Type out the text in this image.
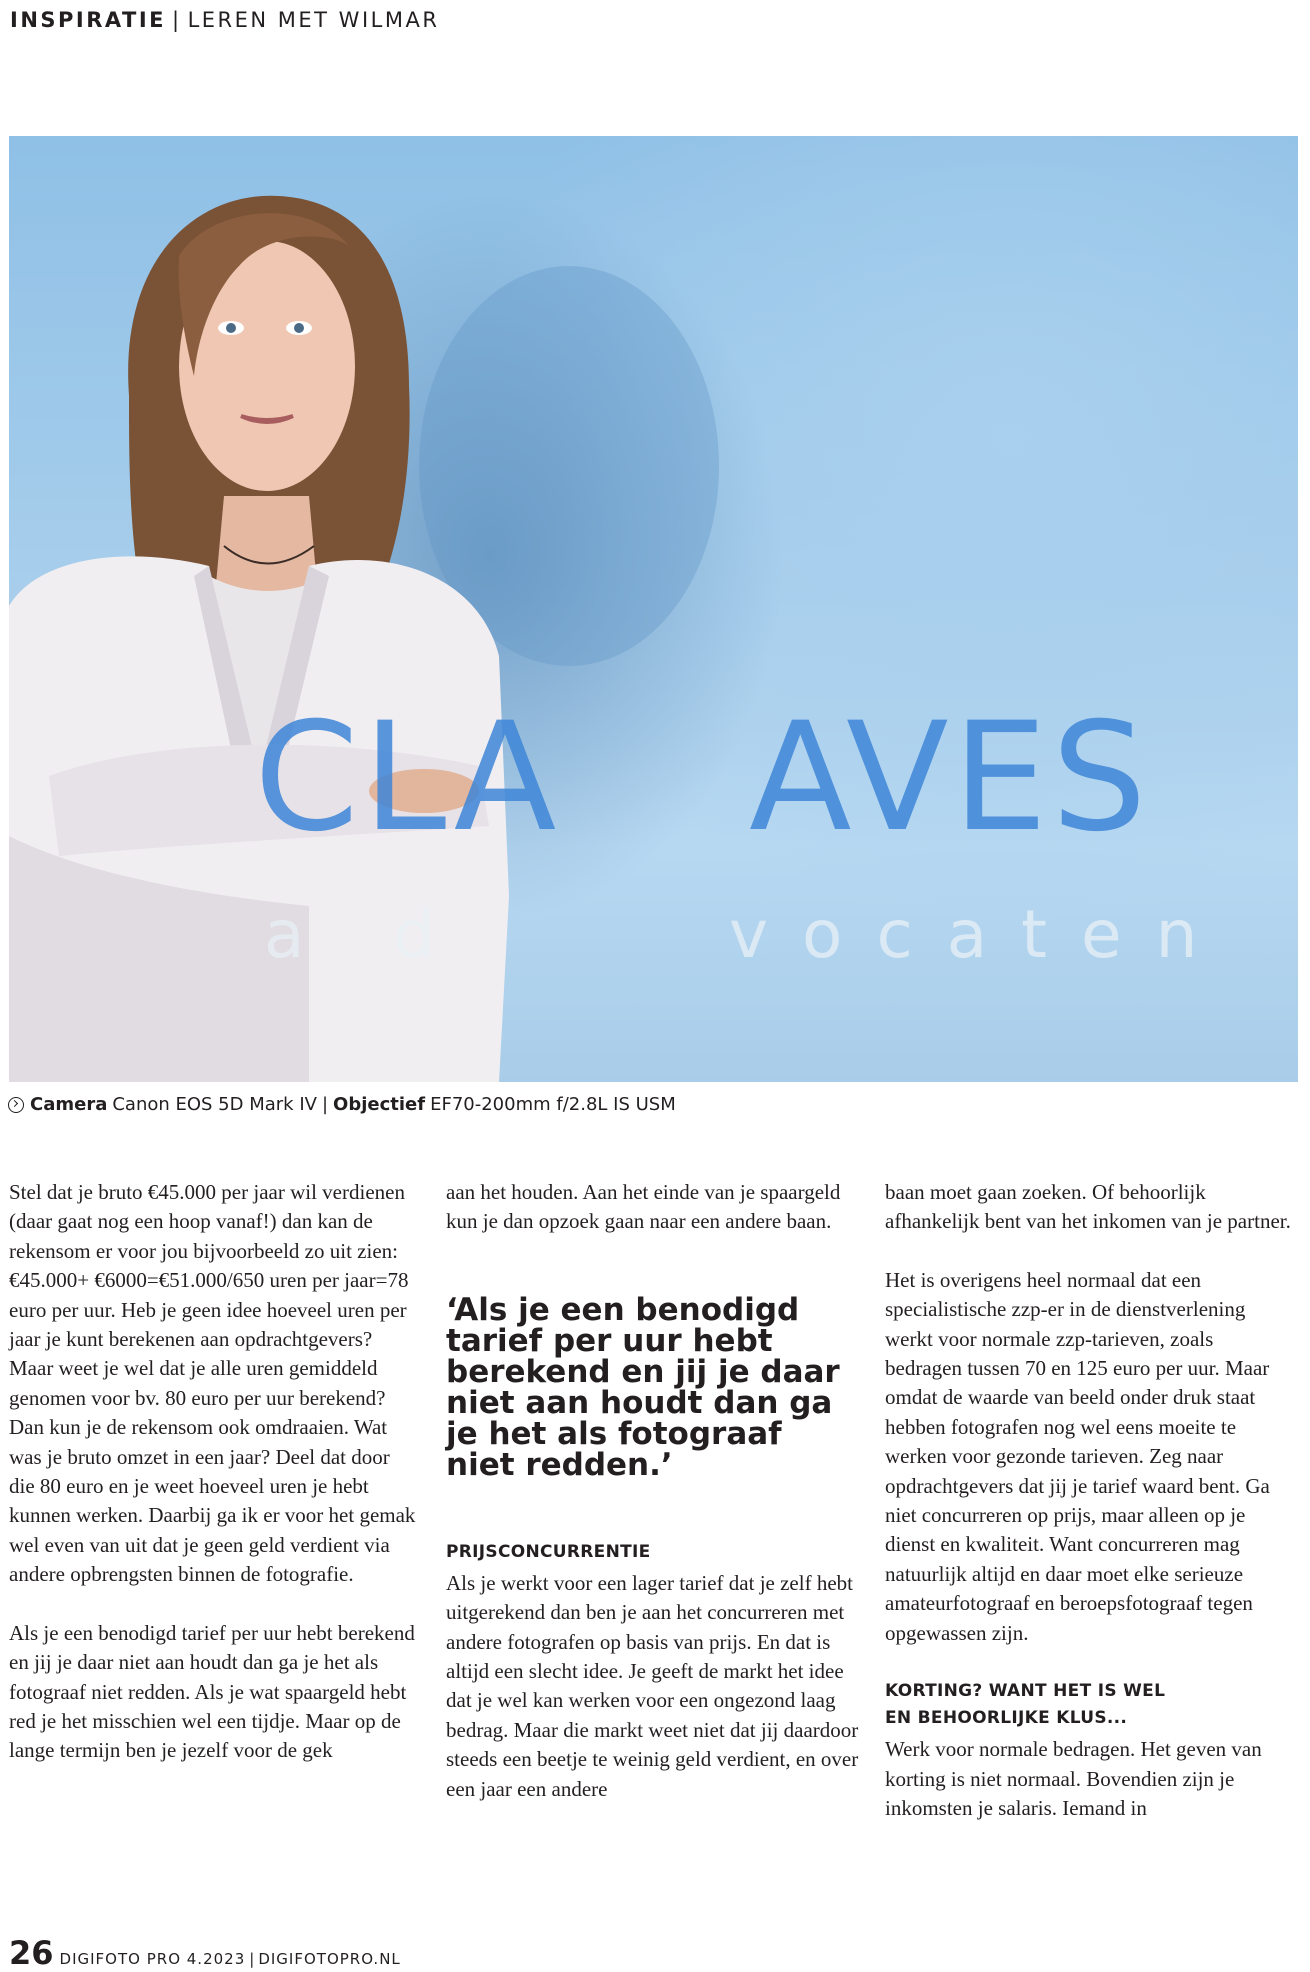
INSPIRATIE | LEREN MET WILMAR
CLA AVES
a d	vocaten
Camera Canon EOS 5D Mark IV | Objectief EF70-200mm f/2.8L IS USM

Stel dat je bruto €45.000 per jaar wil verdienen (daar gaat nog een hoop vanaf!) dan kan de rekensom er voor jou bijvoorbeeld zo uit zien: €45.000+ €6000=€51.000/650 uren per jaar=78 euro per uur. Heb je geen idee hoeveel uren per jaar je kunt berekenen aan opdrachtgevers? Maar weet je wel dat je alle uren gemiddeld genomen voor bv. 80 euro per uur berekend? Dan kun je de rekensom ook omdraaien. Wat was je bruto omzet in een jaar? Deel dat door die 80 euro en je weet hoeveel uren je hebt kunnen werken. Daarbij ga ik er voor het gemak wel even van uit dat je geen geld verdient via andere opbrengsten binnen de fotografie.

Als je een benodigd tarief per uur hebt berekend en jij je daar niet aan houdt dan ga je het als fotograaf niet redden. Als je wat spaargeld hebt red je het misschien wel een tijdje. Maar op de lange termijn ben je jezelf voor de gek

aan het houden. Aan het einde van je spaargeld kun je dan opzoek gaan naar een andere baan.

‘Als je een benodigd tarief per uur hebt berekend en jij je daar niet aan houdt dan ga je het als fotograaf niet redden.’
PRIJSCONCURRENTIE

Als je werkt voor een lager tarief dat je zelf hebt uitgerekend dan ben je aan het concurreren met andere fotografen op basis van prijs. En dat is altijd een slecht idee. Je geeft de markt het idee dat je wel kan werken voor een ongezond laag bedrag. Maar die markt weet niet dat jij daardoor steeds een beetje te weinig geld verdient, en over een jaar een andere

baan moet gaan zoeken. Of behoorlijk afhankelijk bent van het inkomen van je partner.

Het is overigens heel normaal dat een specialistische zzp-er in de dienstverlening werkt voor normale zzp-tarieven, zoals bedragen tussen 70 en 125 euro per uur. Maar omdat de waarde van beeld onder druk staat hebben fotografen nog wel eens moeite te werken voor gezonde tarieven. Zeg naar opdrachtgevers dat jij je tarief waard bent. Ga niet concurreren op prijs, maar alleen op je dienst en kwaliteit. Want concurreren mag natuurlijk altijd en daar moet elke serieuze amateurfotograaf en beroepsfotograaf tegen opgewassen zijn.

KORTING? WANT HET IS WEL
EN BEHOORLIJKE KLUS...

Werk voor normale bedragen. Het geven van korting is niet normaal. Bovendien zijn je inkomsten je salaris. Iemand in

26 DIGIFOTO PRO 4.2023 | DIGIFOTOPRO.NL
